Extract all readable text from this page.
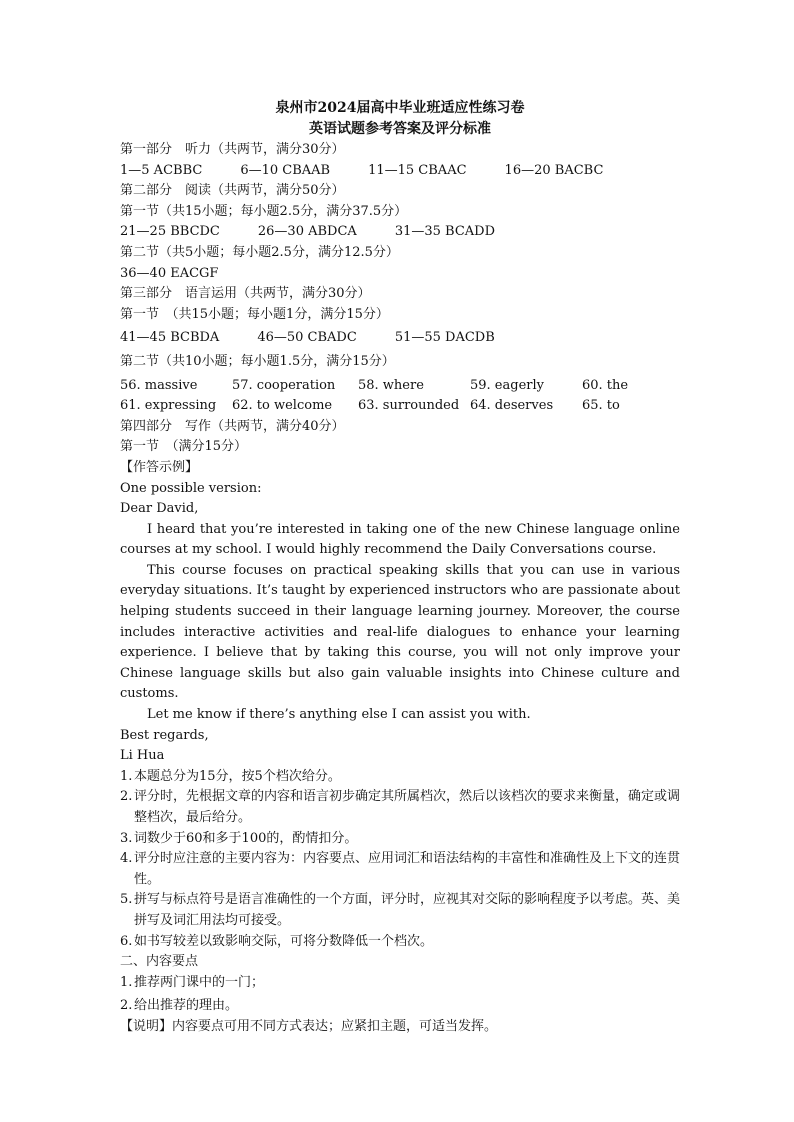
泉州市2024届高中毕业班适应性练习卷
英语试题参考答案及评分标准
第一部分　听力（共两节，满分30分）
1—5 ACBBC	6—10 CBAAB	11—15 CBAAC	16—20 BACBC
第二部分　阅读（共两节，满分50分）
第一节（共15小题；每小题2.5分，满分37.5分）
21—25 BBCDC	26—30 ABDCA	31—35 BCADD
第二节（共5小题；每小题2.5分，满分12.5分）
36—40 EACGF
第三部分　语言运用（共两节，满分30分）
第一节　（共15小题；每小题1分，满分15分）
41—45 BCBDA	46—50 CBADC	51—55 DACDB
第二节（共10小题；每小题1.5分，满分15分）
56. massive	57. cooperation	58. where	59. eagerly	60. the
61. expressing	62. to welcome	63. surrounded 64. deserves	65. to
第四部分　写作（共两节，满分40分）
第一节　（满分15分）
【作答示例】
One possible version:
Dear David,
I heard that you’re interested in taking one of the new Chinese language online courses at my school. I would highly recommend the Daily Conversations course.
This course focuses on practical speaking skills that you can use in various everyday situations. It’s taught by experienced instructors who are passionate about helping students succeed in their language learning journey. Moreover, the course includes interactive activities and real-life dialogues to enhance your learning experience. I believe that by taking this course, you will not only improve your Chinese language skills but also gain valuable insights into Chinese culture and customs.
Let me know if there’s anything else I can assist you with.
Best regards,
Li Hua
1. 本题总分为15分，按5个档次给分。
2. 评分时，先根据文章的内容和语言初步确定其所属档次，然后以该档次的要求来衡量，确定或调整档次，最后给分。
3. 词数少于60和多于100的，酌情扣分。
4. 评分时应注意的主要内容为：内容要点、应用词汇和语法结构的丰富性和准确性及上下文的连贯性。
5. 拼写与标点符号是语言准确性的一个方面，评分时，应视其对交际的影响程度予以考虑。英、美拼写及词汇用法均可接受。
6. 如书写较差以致影响交际，可将分数降低一个档次。
二、内容要点
1. 推荐两门课中的一门；
2. 给出推荐的理由。
【说明】内容要点可用不同方式表达；应紧扣主题，可适当发挥。
